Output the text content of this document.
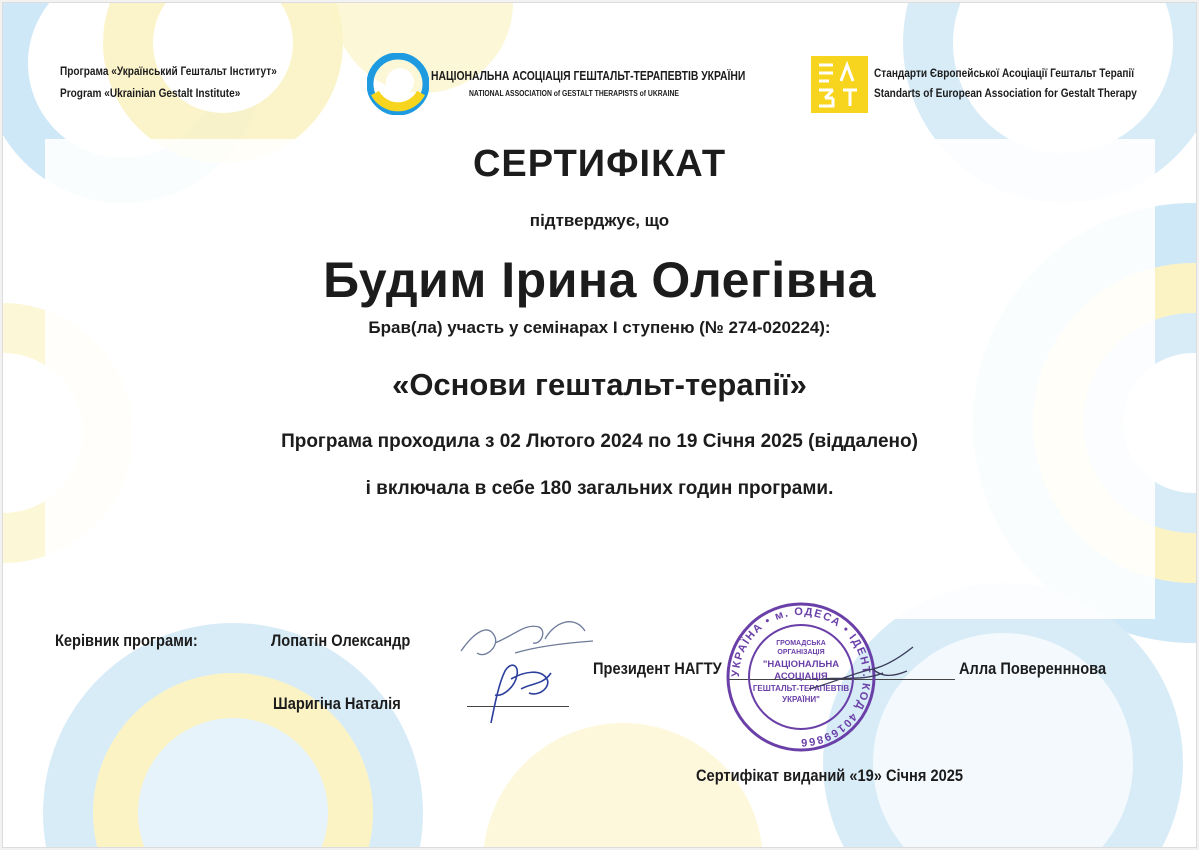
Програма «Український Гештальт Інститут»
Program «Ukrainian Gestalt Institute»
НАЦІОНАЛЬНА АСОЦІАЦІЯ ГЕШТАЛЬТ-ТЕРАПЕВТІВ УКРАЇНИ
NATIONAL ASSOCIATION of GESTALT THERAPISTS of UKRAINE
Стандарти Європейської Асоціації Гештальт Терапії
Standarts of European Association for Gestalt Therapy
СЕРТИФІКАТ
підтверджує, що
Будим Ірина Олегівна
Брав(ла) участь у семінарах I ступеню (№ 274-020224):
«Основи гештальт-терапії»
Програма проходила з 02 Лютого 2024 по 19 Січня 2025 (віддалено)
і включала в себе 180 загальних годин програми.
Керівник програми:	Лопатін Олександр
Шаригіна Наталія
Президент НАГТУ	Алла Поверенннова
УКРАЇНА • м. ОДЕСА • ІДЕНТ. КОД 40169866
ГРОМАДСЬКА
ОРГАНІЗАЦІЯ
"НАЦІОНАЛЬНА
АСОЦІАЦІЯ
ГЕШТАЛЬТ-ТЕРАПЕВТІВ
УКРАЇНИ"
Сертифікат виданий «19» Січня 2025
